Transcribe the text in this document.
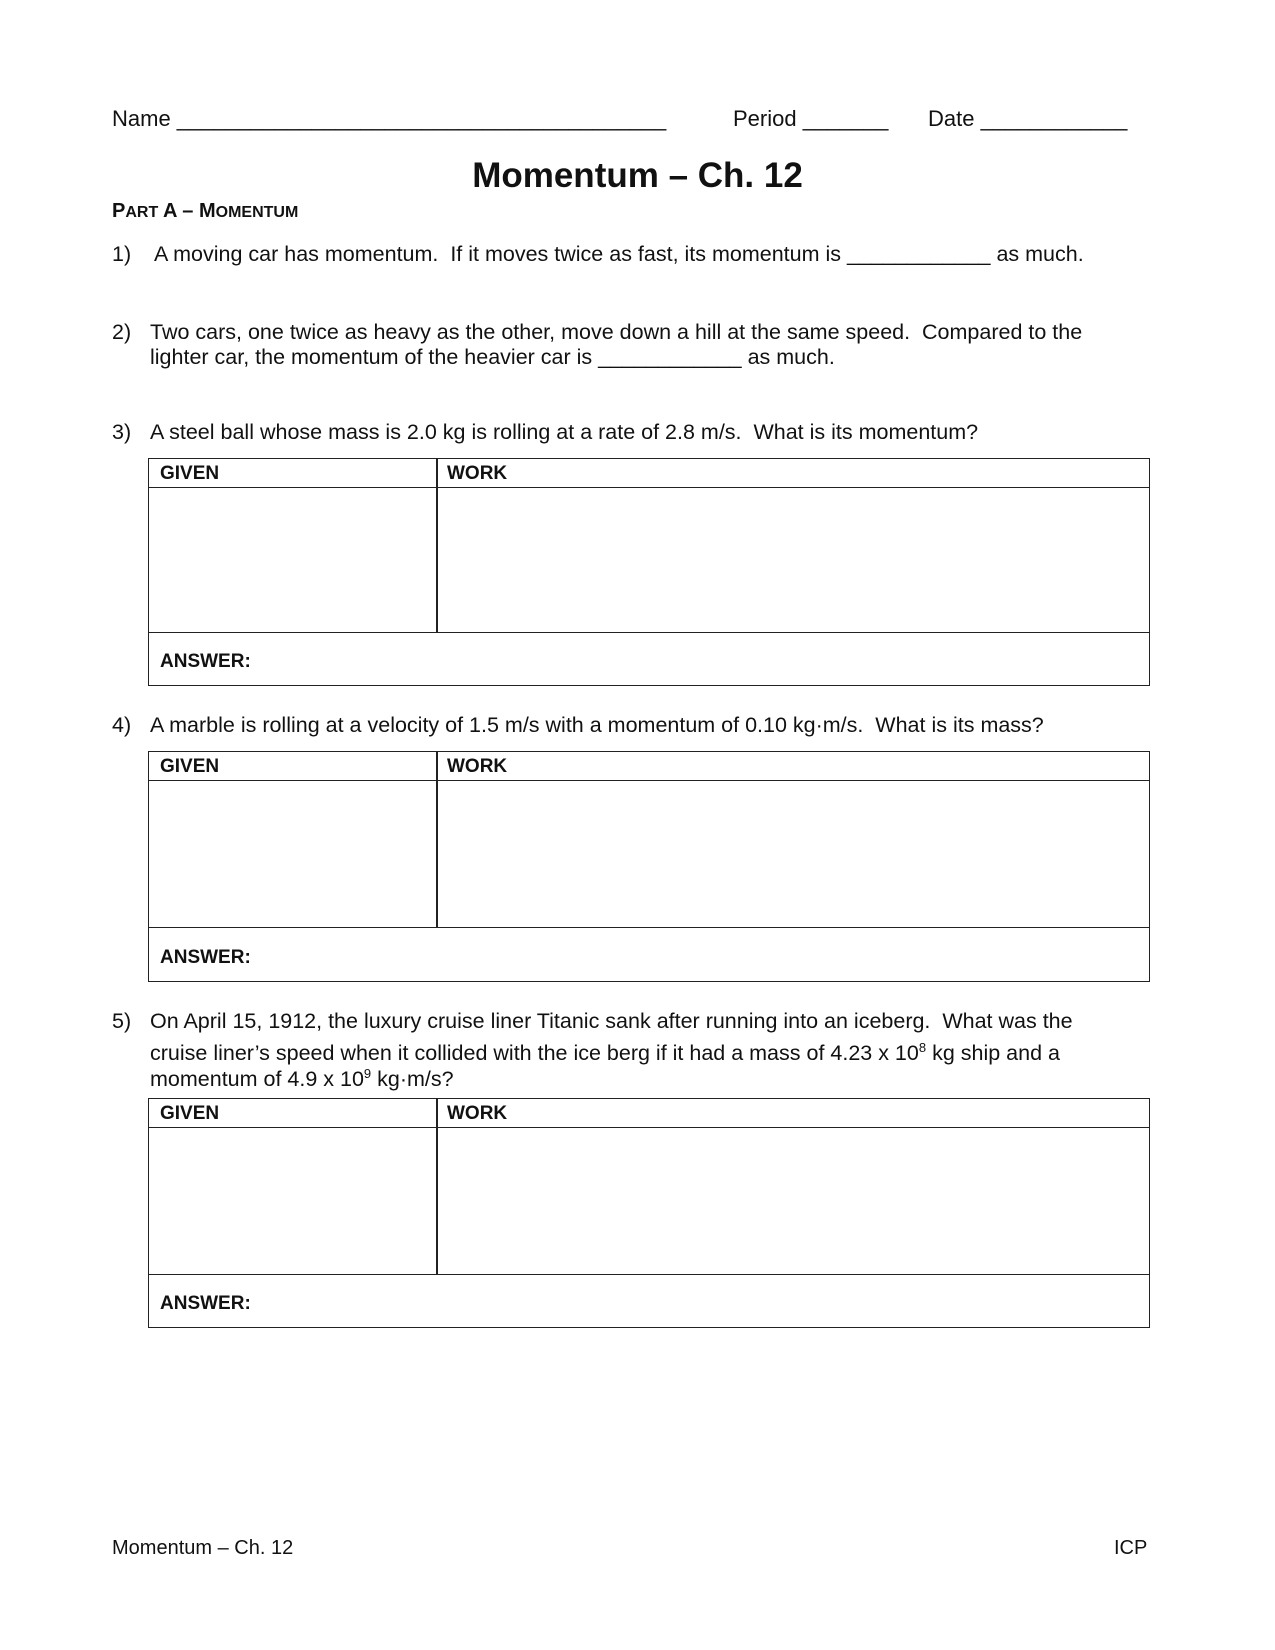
Name ________________________________________	Period _______ Date ____________
Momentum – Ch. 12
PART A – MOMENTUM
1) A moving car has momentum.  If it moves twice as fast, its momentum is ____________ as much.
2) Two cars, one twice as heavy as the other, move down a hill at the same speed.  Compared to the
lighter car, the momentum of the heavier car is ____________ as much.
3) A steel ball whose mass is 2.0 kg is rolling at a rate of 2.8 m/s.  What is its momentum?
GIVEN	WORK
ANSWER:
4) A marble is rolling at a velocity of 1.5 m/s with a momentum of 0.10 kg·m/s.  What is its mass?
GIVEN	WORK
ANSWER:
5) On April 15, 1912, the luxury cruise liner Titanic sank after running into an iceberg.  What was the
cruise liner’s speed when it collided with the ice berg if it had a mass of 4.23 x $10^8$ kg ship and a
momentum of 4.9 x $10^9$ kg·m/s?
GIVEN	WORK
ANSWER:
Momentum – Ch. 12	ICP
